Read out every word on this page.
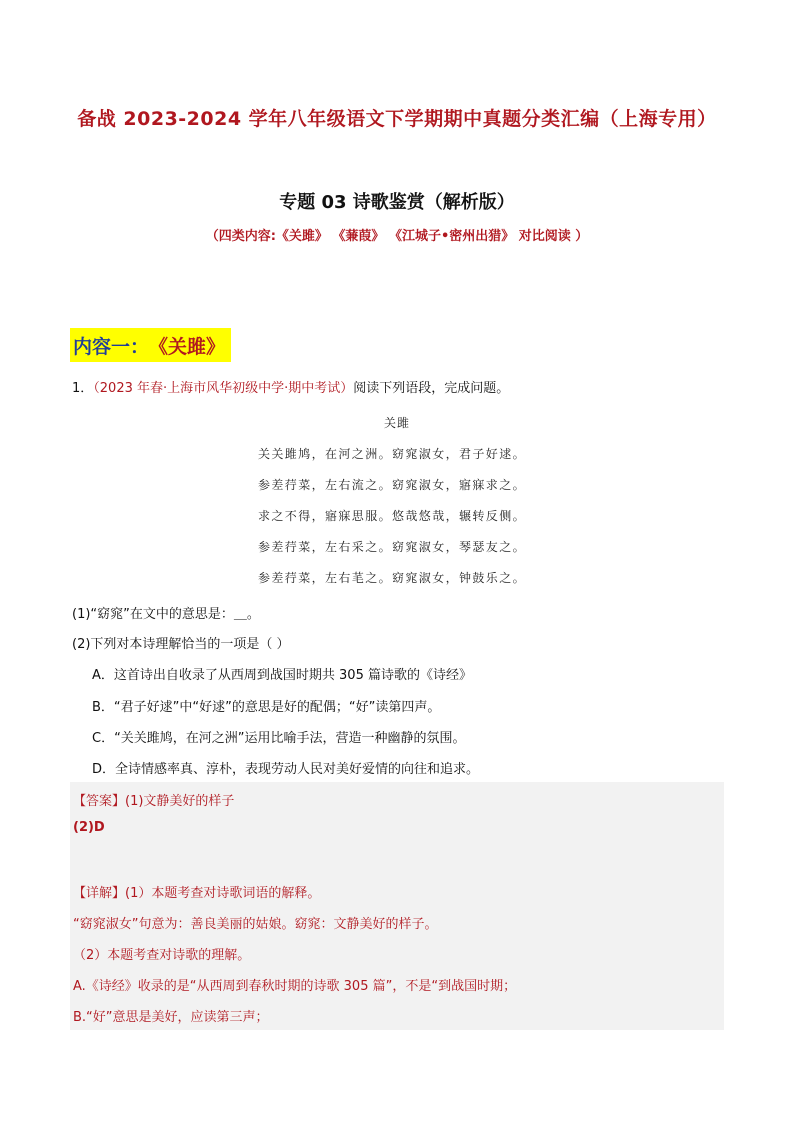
备战 2023-2024 学年八年级语文下学期期中真题分类汇编（上海专用）
专题 03 诗歌鉴赏（解析版）
（四类内容:《关雎》 《蒹葭》 《江城子•密州出猎》 对比阅读 ）
内容一： 《关雎》
1．（2023 年春·上海市风华初级中学·期中考试）阅读下列语段，完成问题。
关雎
关关雎鸠，在河之洲。窈窕淑女，君子好逑。
参差荇菜，左右流之。窈窕淑女，寤寐求之。
求之不得，寤寐思服。悠哉悠哉，辗转反侧。
参差荇菜，左右采之。窈窕淑女，琴瑟友之。
参差荇菜，左右芼之。窈窕淑女，钟鼓乐之。
(1)“窈窕”在文中的意思是：＿。
(2)下列对本诗理解恰当的一项是（ ）
A．这首诗出自收录了从西周到战国时期共 305 篇诗歌的《诗经》
B．“君子好逑”中“好逑”的意思是好的配偶；“好”读第四声。
C．“关关雎鸠，在河之洲”运用比喻手法，营造一种幽静的氛围。
D．全诗情感率真、淳朴，表现劳动人民对美好爱情的向往和追求。
【答案】(1)文静美好的样子
(2)D
【详解】(1）本题考查对诗歌词语的解释。
“窈窕淑女”句意为：善良美丽的姑娘。窈窕：文静美好的样子。
（2）本题考查对诗歌的理解。
A.《诗经》收录的是“从西周到春秋时期的诗歌 305 篇”，不是“到战国时期；
B.“好”意思是美好，应读第三声；
